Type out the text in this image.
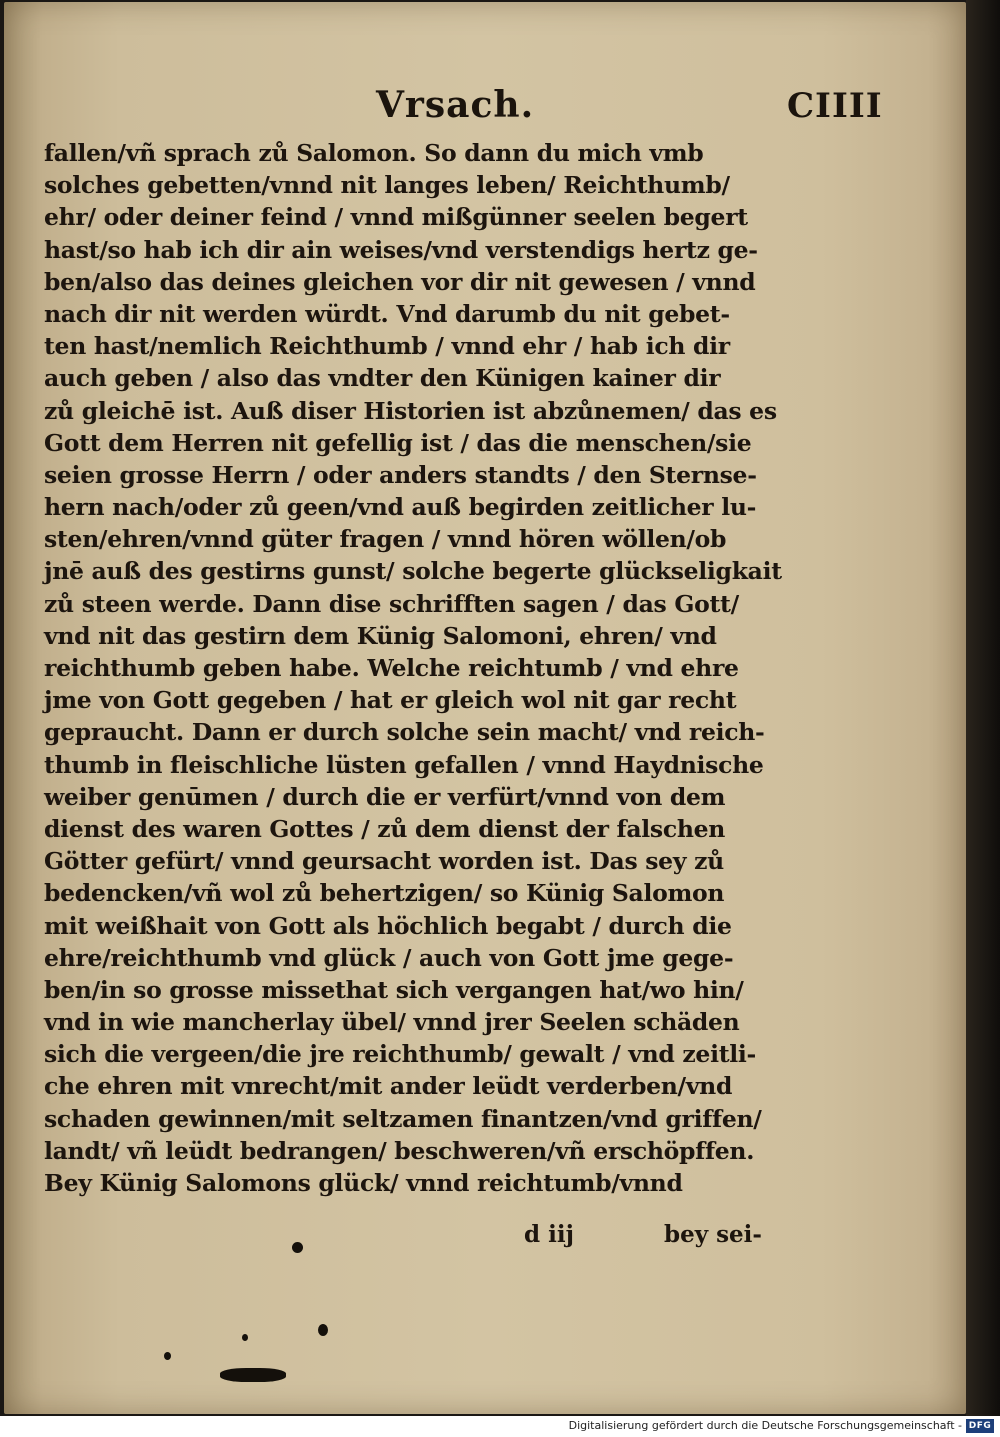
Vrsach.	CIIII
fallen/vñ sprach zů Salomon. So dann du mich vmb
solches gebetten/vnnd nit langes leben/ Reichthumb/
ehr/ oder deiner feind / vnnd mißgünner seelen begert
hast/so hab ich dir ain weises/vnd verstendigs hertz ge-
ben/also das deines gleichen vor dir nit gewesen / vnnd
nach dir nit werden würdt. Vnd darumb du nit gebet-
ten hast/nemlich Reichthumb / vnnd ehr / hab ich dir
auch geben / also das vndter den Künigen kainer dir
zů gleichē ist. Auß diser Historien ist abzůnemen/ das es
Gott dem Herren nit gefellig ist / das die menschen/sie
seien grosse Herrn / oder anders standts / den Sternse-
hern nach/oder zů geen/vnd auß begirden zeitlicher lu-
sten/ehren/vnnd güter fragen / vnnd hören wöllen/ob
jnē auß des gestirns gunst/ solche begerte glückseligkait
zů steen werde. Dann dise schrifften sagen / das Gott/
vnd nit das gestirn dem Künig Salomoni, ehren/ vnd
reichthumb geben habe. Welche reichtumb / vnd ehre
jme von Gott gegeben / hat er gleich wol nit gar recht
gepraucht. Dann er durch solche sein macht/ vnd reich-
thumb in fleischliche lüsten gefallen / vnnd Haydnische
weiber genūmen / durch die er verfürt/vnnd von dem
dienst des waren Gottes / zů dem dienst der falschen
Götter gefürt/ vnnd geursacht worden ist. Das sey zů
bedencken/vñ wol zů behertzigen/ so Künig Salomon
mit weißhait von Gott als höchlich begabt / durch die
ehre/reichthumb vnd glück / auch von Gott jme gege-
ben/in so grosse missethat sich vergangen hat/wo hin/
vnd in wie mancherlay übel/ vnnd jrer Seelen schäden
sich die vergeen/die jre reichthumb/ gewalt / vnd zeitli-
che ehren mit vnrecht/mit ander leüdt verderben/vnd
schaden gewinnen/mit seltzamen finantzen/vnd griffen/
landt/ vñ leüdt bedrangen/ beschweren/vñ erschöpffen.
Bey Künig Salomons glück/ vnnd reichtumb/vnnd
d iij	bey sei-
Digitalisierung gefördert durch die Deutsche Forschungsgemeinschaft - DFG
